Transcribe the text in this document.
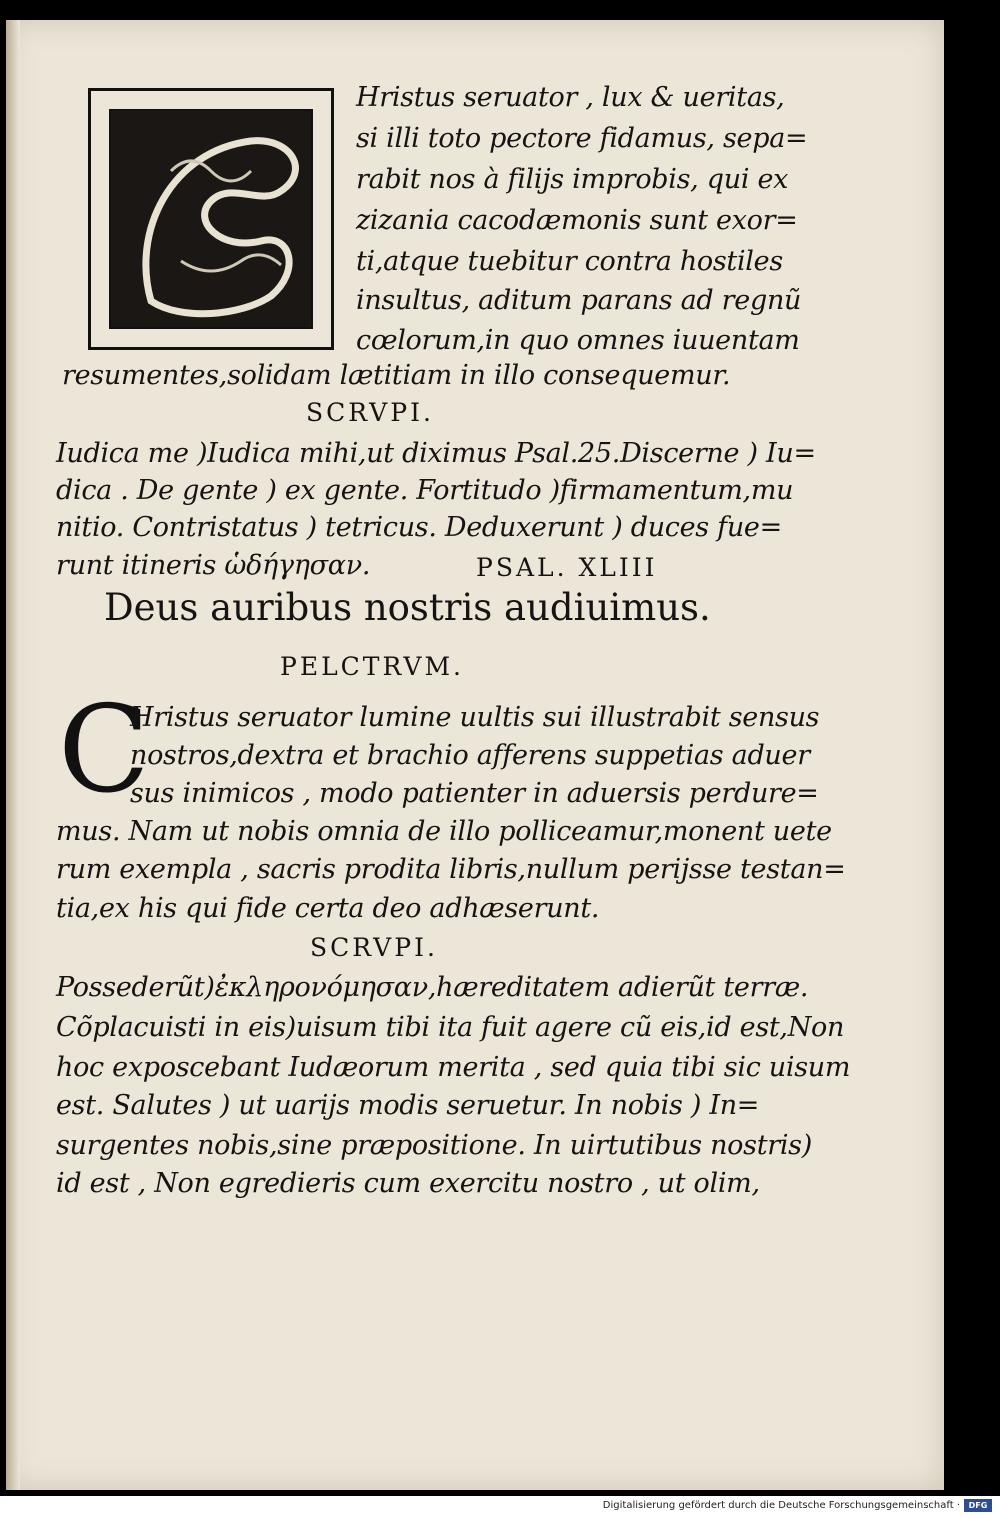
Hristus seruator , lux & ueritas,
si illi toto pectore fidamus, sepa=
rabit nos à filijs improbis, qui ex
zizania cacodæmonis sunt exor=
ti,atque tuebitur contra hostiles
insultus, aditum parans ad regnũ
cœlorum,in quo omnes iuuentam
resumentes,solidam lætitiam in illo consequemur.
SCRVPI.
Iudica me )Iudica mihi,ut diximus Psal.25.Discerne ) Iu=
dica . De gente ) ex gente. Fortitudo )firmamentum,mu
nitio. Contristatus ) tetricus. Deduxerunt ) duces fue=
runt itineris ὡδήγησαν.	PSAL. XLIII
Deus auribus nostris audiuimus.
PELCTRVM.
C
Hristus seruator lumine uultis sui illustrabit sensus
nostros,dextra et brachio afferens suppetias aduer
sus inimicos , modo patienter in aduersis perdure=
mus. Nam ut nobis omnia de illo polliceamur,monent uete
rum exempla , sacris prodita libris,nullum perijsse testan=
tia,ex his qui fide certa deo adhæserunt.
SCRVPI.
Possederũt)ἐκληρονόμησαν,hæreditatem adierũt terræ.
Cõplacuisti in eis)uisum tibi ita fuit agere cũ eis,id est,Non
hoc exposcebant Iudæorum merita , sed quia tibi sic uisum
est. Salutes ) ut uarijs modis seruetur. In nobis ) In=
surgentes nobis,sine præpositione. In uirtutibus nostris)
id est , Non egredieris cum exercitu nostro , ut olim,
Digitalisierung gefördert durch die Deutsche Forschungsgemeinschaft ·	DFG
